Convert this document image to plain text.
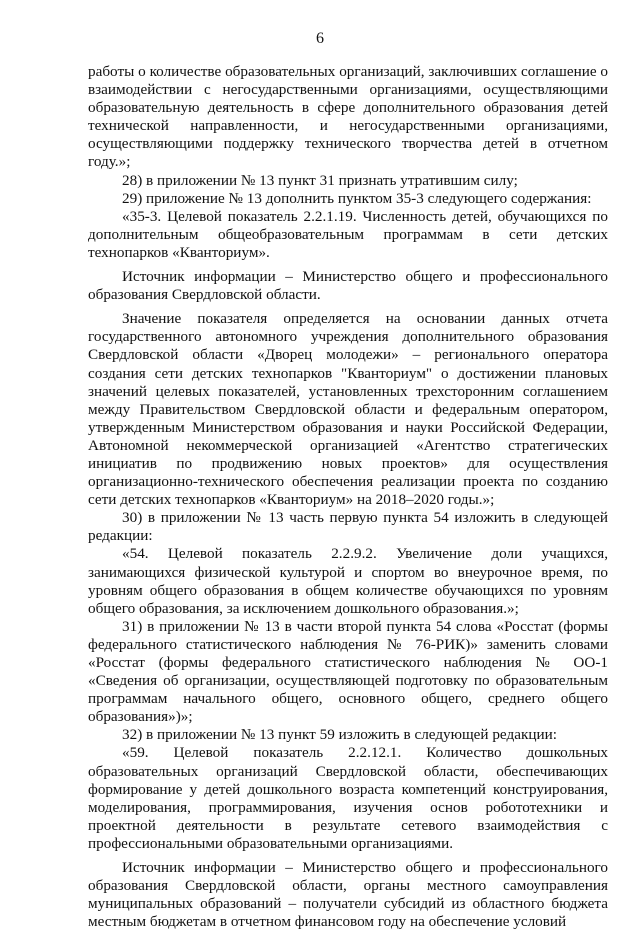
6

работы о количестве образовательных организаций, заключивших соглашение о взаимодействии с негосударственными организациями, осуществляющими образовательную деятельность в сфере дополнительного образования детей технической направленности, и негосударственными организациями, осуществляющими поддержку технического творчества детей в отчетном году.»;

28) в приложении № 13 пункт 31 признать утратившим силу;

29) приложение № 13 дополнить пунктом 35-3 следующего содержания:

«35-3. Целевой показатель 2.2.1.19. Численность детей, обучающихся по дополнительным общеобразовательным программам в сети детских технопарков «Кванториум».

Источник информации – Министерство общего и профессионального образования Свердловской области.

Значение показателя определяется на основании данных отчета государственного автономного учреждения дополнительного образования Свердловской области «Дворец молодежи» – регионального оператора создания сети детских технопарков "Кванториум" о достижении плановых значений целевых показателей, установленных трехсторонним соглашением между Правительством Свердловской области и федеральным оператором, утвержденным Министерством образования и науки Российской Федерации, Автономной некоммерческой организацией «Агентство стратегических инициатив по продвижению новых проектов» для осуществления организационно-технического обеспечения реализации проекта по созданию сети детских технопарков «Кванториум» на 2018–2020 годы.»;

30) в приложении № 13 часть первую пункта 54 изложить в следующей редакции:

«54. Целевой показатель 2.2.9.2. Увеличение доли учащихся, занимающихся физической культурой и спортом во внеурочное время, по уровням общего образования в общем количестве обучающихся по уровням общего образования, за исключением дошкольного образования.»;

31) в приложении № 13 в части второй пункта 54 слова «Росстат (формы федерального статистического наблюдения № 76-РИК)» заменить словами «Росстат (формы федерального статистического наблюдения № ОО-1 «Сведения об организации, осуществляющей подготовку по образовательным программам начального общего, основного общего, среднего общего образования»)»;

32) в приложении № 13 пункт 59 изложить в следующей редакции:

«59. Целевой показатель 2.2.12.1. Количество дошкольных образовательных организаций Свердловской области, обеспечивающих формирование у детей дошкольного возраста компетенций конструирования, моделирования, программирования, изучения основ робототехники и проектной деятельности в результате сетевого взаимодействия с профессиональными образовательными организациями.

Источник информации – Министерство общего и профессионального образования Свердловской области, органы местного самоуправления муниципальных образований – получатели субсидий из областного бюджета местным бюджетам в отчетном финансовом году на обеспечение условий
